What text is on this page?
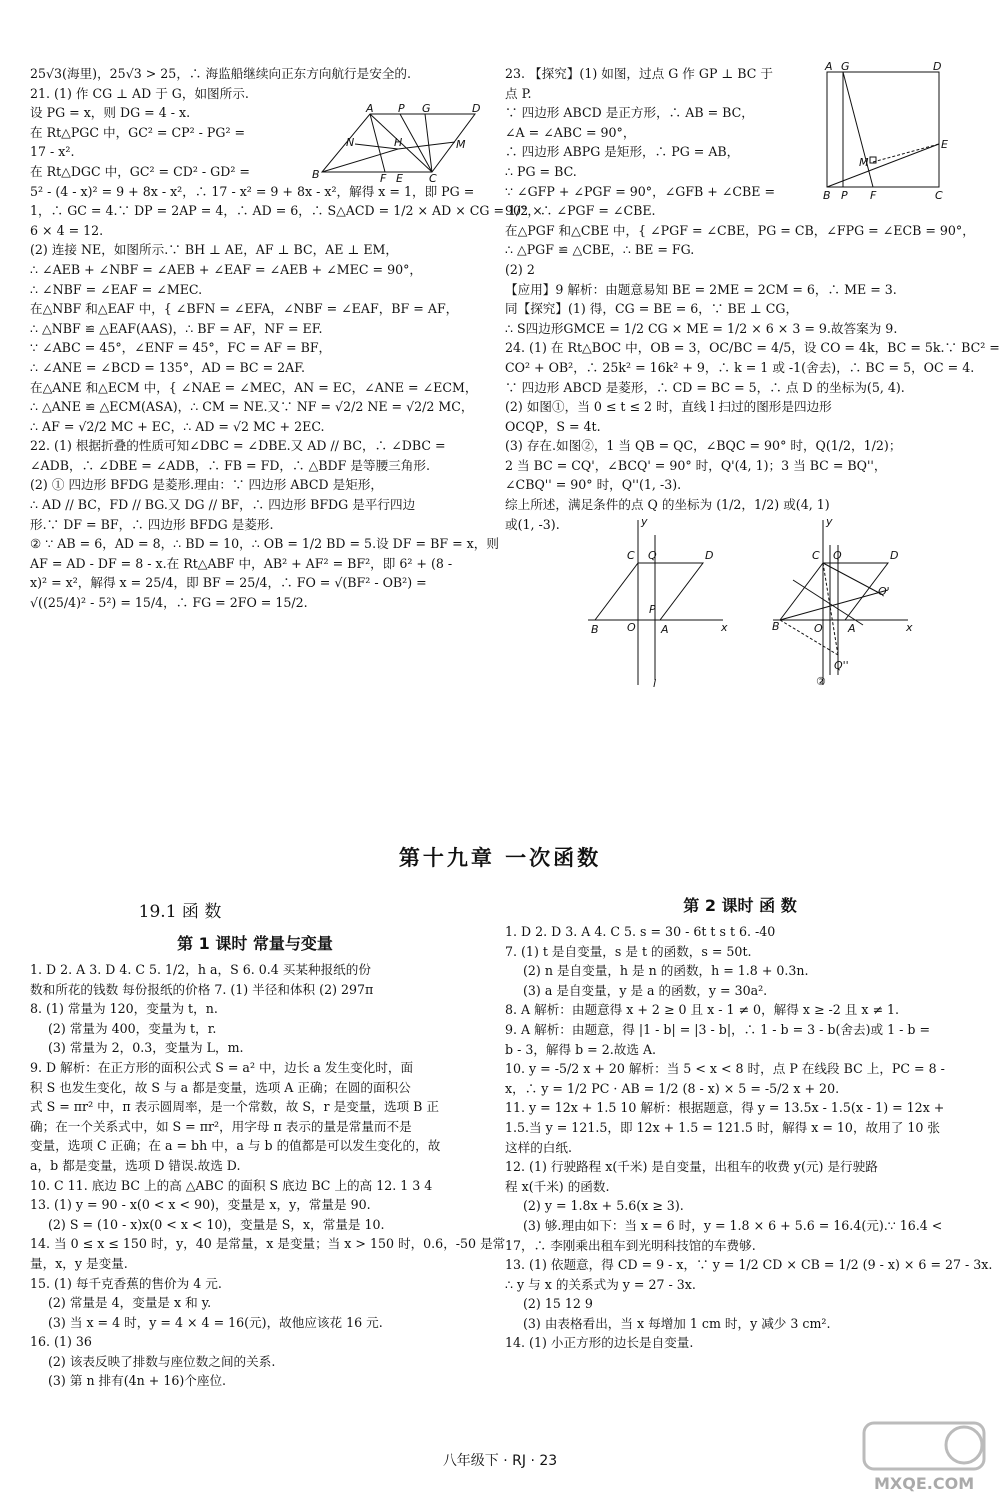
25√3(海里)，25√3 > 25，∴ 海监船继续向正东方向航行是安全的.
21. (1) 作 CG ⊥ AD 于 G，如图所示.
设 PG = x，则 DG = 4 - x.
在 Rt△PGC 中，GC² = CP² - PG² =
17 - x².
在 Rt△DGC 中，GC² = CD² - GD² =
5² - (4 - x)² = 9 + 8x - x²，∴ 17 - x² = 9 + 8x - x²，解得 x = 1，即 PG =
1，∴ GC = 4.∵ DP = 2AP = 4，∴ AD = 6，∴ S△ACD = 1/2 × AD × CG = 1/2 ×
6 × 4 = 12.
(2) 连接 NE，如图所示.∵ BH ⊥ AE，AF ⊥ BC，AE ⊥ EM，
∴ ∠AEB + ∠NBF = ∠AEB + ∠EAF = ∠AEB + ∠MEC = 90°，
∴ ∠NBF = ∠EAF = ∠MEC.
在△NBF 和△EAF 中，{ ∠BFN = ∠EFA，∠NBF = ∠EAF，BF = AF，
∴ △NBF ≌ △EAF(AAS)，∴ BF = AF，NF = EF.
∵ ∠ABC = 45°，∠ENF = 45°，FC = AF = BF，
∴ ∠ANE = ∠BCD = 135°，AD = BC = 2AF.
在△ANE 和△ECM 中，{ ∠NAE = ∠MEC，AN = EC，∠ANE = ∠ECM，
∴ △ANE ≌ △ECM(ASA)，∴ CM = NE.又∵ NF = √2/2 NE = √2/2 MC，
∴ AF = √2/2 MC + EC，∴ AD = √2 MC + 2EC.
22. (1) 根据折叠的性质可知∠DBC = ∠DBE.又 AD // BC，∴ ∠DBC =
∠ADB，∴ ∠DBE = ∠ADB，∴ FB = FD，∴ △BDF 是等腰三角形.
(2) ① 四边形 BFDG 是菱形.理由：∵ 四边形 ABCD 是矩形，
∴ AD // BC，FD // BG.又 DG // BF，∴ 四边形 BFDG 是平行四边
形.∵ DF = BF，∴ 四边形 BFDG 是菱形.
② ∵ AB = 6，AD = 8，∴ BD = 10，∴ OB = 1/2 BD = 5.设 DF = BF = x，则
AF = AD - DF = 8 - x.在 Rt△ABF 中，AB² + AF² = BF²，即 6² + (8 -
x)² = x²，解得 x = 25/4，即 BF = 25/4，∴ FO = √(BF² - OB²) =
√((25/4)² - 5²) = 15/4，∴ FG = 2FO = 15/2.
23. 【探究】(1) 如图，过点 G 作 GP ⊥ BC 于
点 P.
∵ 四边形 ABCD 是正方形，∴ AB = BC，
∠A = ∠ABC = 90°，
∴ 四边形 ABPG 是矩形，∴ PG = AB，
∴ PG = BC.
∵ ∠GFP + ∠PGF = 90°，∠GFB + ∠CBE =
90°，∴ ∠PGF = ∠CBE.
在△PGF 和△CBE 中，{ ∠PGF = ∠CBE，PG = CB，∠FPG = ∠ECB = 90°，
∴ △PGF ≌ △CBE，∴ BE = FG.
(2) 2
【应用】9 解析：由题意易知 BE = 2ME = 2CM = 6，∴ ME = 3.
同【探究】(1) 得，CG = BE = 6，∵ BE ⊥ CG，
∴ S四边形GMCE = 1/2 CG × ME = 1/2 × 6 × 3 = 9.故答案为 9.
24. (1) 在 Rt△BOC 中，OB = 3，OC/BC = 4/5，设 CO = 4k，BC = 5k.∵ BC² =
CO² + OB²，∴ 25k² = 16k² + 9，∴ k = 1 或 -1(舍去)，∴ BC = 5，OC = 4.
∵ 四边形 ABCD 是菱形，∴ CD = BC = 5，∴ 点 D 的坐标为(5, 4).
(2) 如图①，当 0 ≤ t ≤ 2 时，直线 l 扫过的图形是四边形
OCQP，S = 4t.
(3) 存在.如图②，1 当 QB = QC，∠BQC = 90° 时，Q(1/2，1/2)；
2 当 BC = CQ'，∠BCQ' = 90° 时，Q'(4, 1)；3 当 BC = BQ''，
∠CBQ'' = 90° 时，Q''(1, -3).
综上所述，满足条件的点 Q 的坐标为 (1/2，1/2) 或(4, 1)
或(1, -3).
A P G	D
N	H
B	F E C
M
A G	D
M
E
B P F	C
y
C Q	D
P
B	O A	x
l
y
C Q	D
Q'
B	O A	x
Q''
②
第十九章 一次函数
19.1 函 数
第 1 课时 常量与变量
第 2 课时 函 数
1. D 2. A 3. D 4. C 5. 1/2，h a，S 6. 0.4 买某种报纸的份
数和所花的钱数 每份报纸的价格 7. (1) 半径和体积 (2) 297π
8. (1) 常量为 120，变量为 t，n.
(2) 常量为 400，变量为 t，r.
(3) 常量为 2，0.3，变量为 L，m.
9. D 解析：在正方形的面积公式 S = a² 中，边长 a 发生变化时，面
积 S 也发生变化，故 S 与 a 都是变量，选项 A 正确；在圆的面积公
式 S = πr² 中，π 表示圆周率，是一个常数，故 S，r 是变量，选项 B 正
确；在一个关系式中，如 S = πr²，用字母 π 表示的量是常量而不是
变量，选项 C 正确；在 a = bh 中，a 与 b 的值都是可以发生变化的，故
a，b 都是变量，选项 D 错误.故选 D.
10. C 11. 底边 BC 上的高 △ABC 的面积 S 底边 BC 上的高 12. 1 3 4
13. (1) y = 90 - x(0 < x < 90)，变量是 x，y，常量是 90.
(2) S = (10 - x)x(0 < x < 10)，变量是 S，x，常量是 10.
14. 当 0 ≤ x ≤ 150 时，y，40 是常量，x 是变量；当 x > 150 时，0.6，-50 是常
量，x，y 是变量.
15. (1) 每千克香蕉的售价为 4 元.
(2) 常量是 4，变量是 x 和 y.
(3) 当 x = 4 时，y = 4 × 4 = 16(元)，故他应该花 16 元.
16. (1) 36
(2) 该表反映了排数与座位数之间的关系.
(3) 第 n 排有(4n + 16)个座位.
1. D 2. D 3. A 4. C 5. s = 30 - 6t t s t 6. -40
7. (1) t 是自变量，s 是 t 的函数，s = 50t.
(2) n 是自变量，h 是 n 的函数，h = 1.8 + 0.3n.
(3) a 是自变量，y 是 a 的函数，y = 30a².
8. A 解析：由题意得 x + 2 ≥ 0 且 x - 1 ≠ 0，解得 x ≥ -2 且 x ≠ 1.
9. A 解析：由题意，得 |1 - b| = |3 - b|，∴ 1 - b = 3 - b(舍去)或 1 - b =
b - 3，解得 b = 2.故选 A.
10. y = -5/2 x + 20 解析：当 5 < x < 8 时，点 P 在线段 BC 上，PC = 8 -
x，∴ y = 1/2 PC · AB = 1/2 (8 - x) × 5 = -5/2 x + 20.
11. y = 12x + 1.5 10 解析：根据题意，得 y = 13.5x - 1.5(x - 1) = 12x +
1.5.当 y = 121.5，即 12x + 1.5 = 121.5 时，解得 x = 10，故用了 10 张
这样的白纸.
12. (1) 行驶路程 x(千米) 是自变量，出租车的收费 y(元) 是行驶路
程 x(千米) 的函数.
(2) y = 1.8x + 5.6(x ≥ 3).
(3) 够.理由如下：当 x = 6 时，y = 1.8 × 6 + 5.6 = 16.4(元).∵ 16.4 <
17，∴ 李刚乘出租车到光明科技馆的车费够.
13. (1) 依题意，得 CD = 9 - x，∵ y = 1/2 CD × CB = 1/2 (9 - x) × 6 = 27 - 3x.
∴ y 与 x 的关系式为 y = 27 - 3x.
(2) 15 12 9
(3) 由表格看出，当 x 每增加 1 cm 时，y 减少 3 cm².
14. (1) 小正方形的边长是自变量.
八年级下 · RJ · 23
MXQE.COM
